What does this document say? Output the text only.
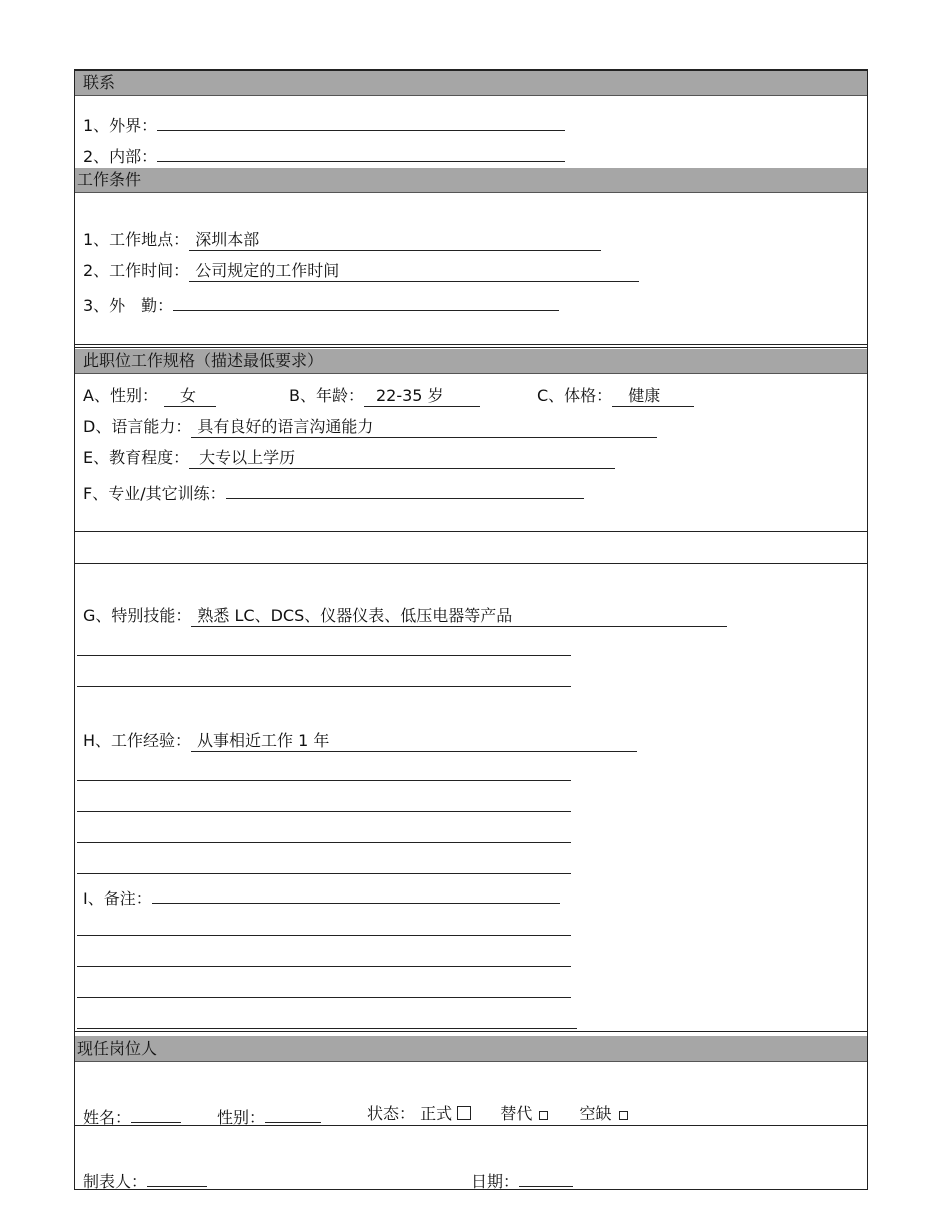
联系
1、外界：
2、内部：
工作条件
1、工作地点： 深圳本部
2、工作时间： 公司规定的工作时间
3、外　勤：
此职位工作规格（描述最低要求）
A、性别： 女	B、年龄： 22-35 岁	C、体格： 健康
D、语言能力： 具有良好的语言沟通能力
E、教育程度： 大专以上学历
F、专业/其它训练：
G、特别技能： 熟悉 LC、DCS、仪器仪表、低压电器等产品
H、工作经验： 从事相近工作 1 年
I、备注：
现任岗位人
姓名：	性别：	状态： 正式	替代	空缺
制表人：	日期：
